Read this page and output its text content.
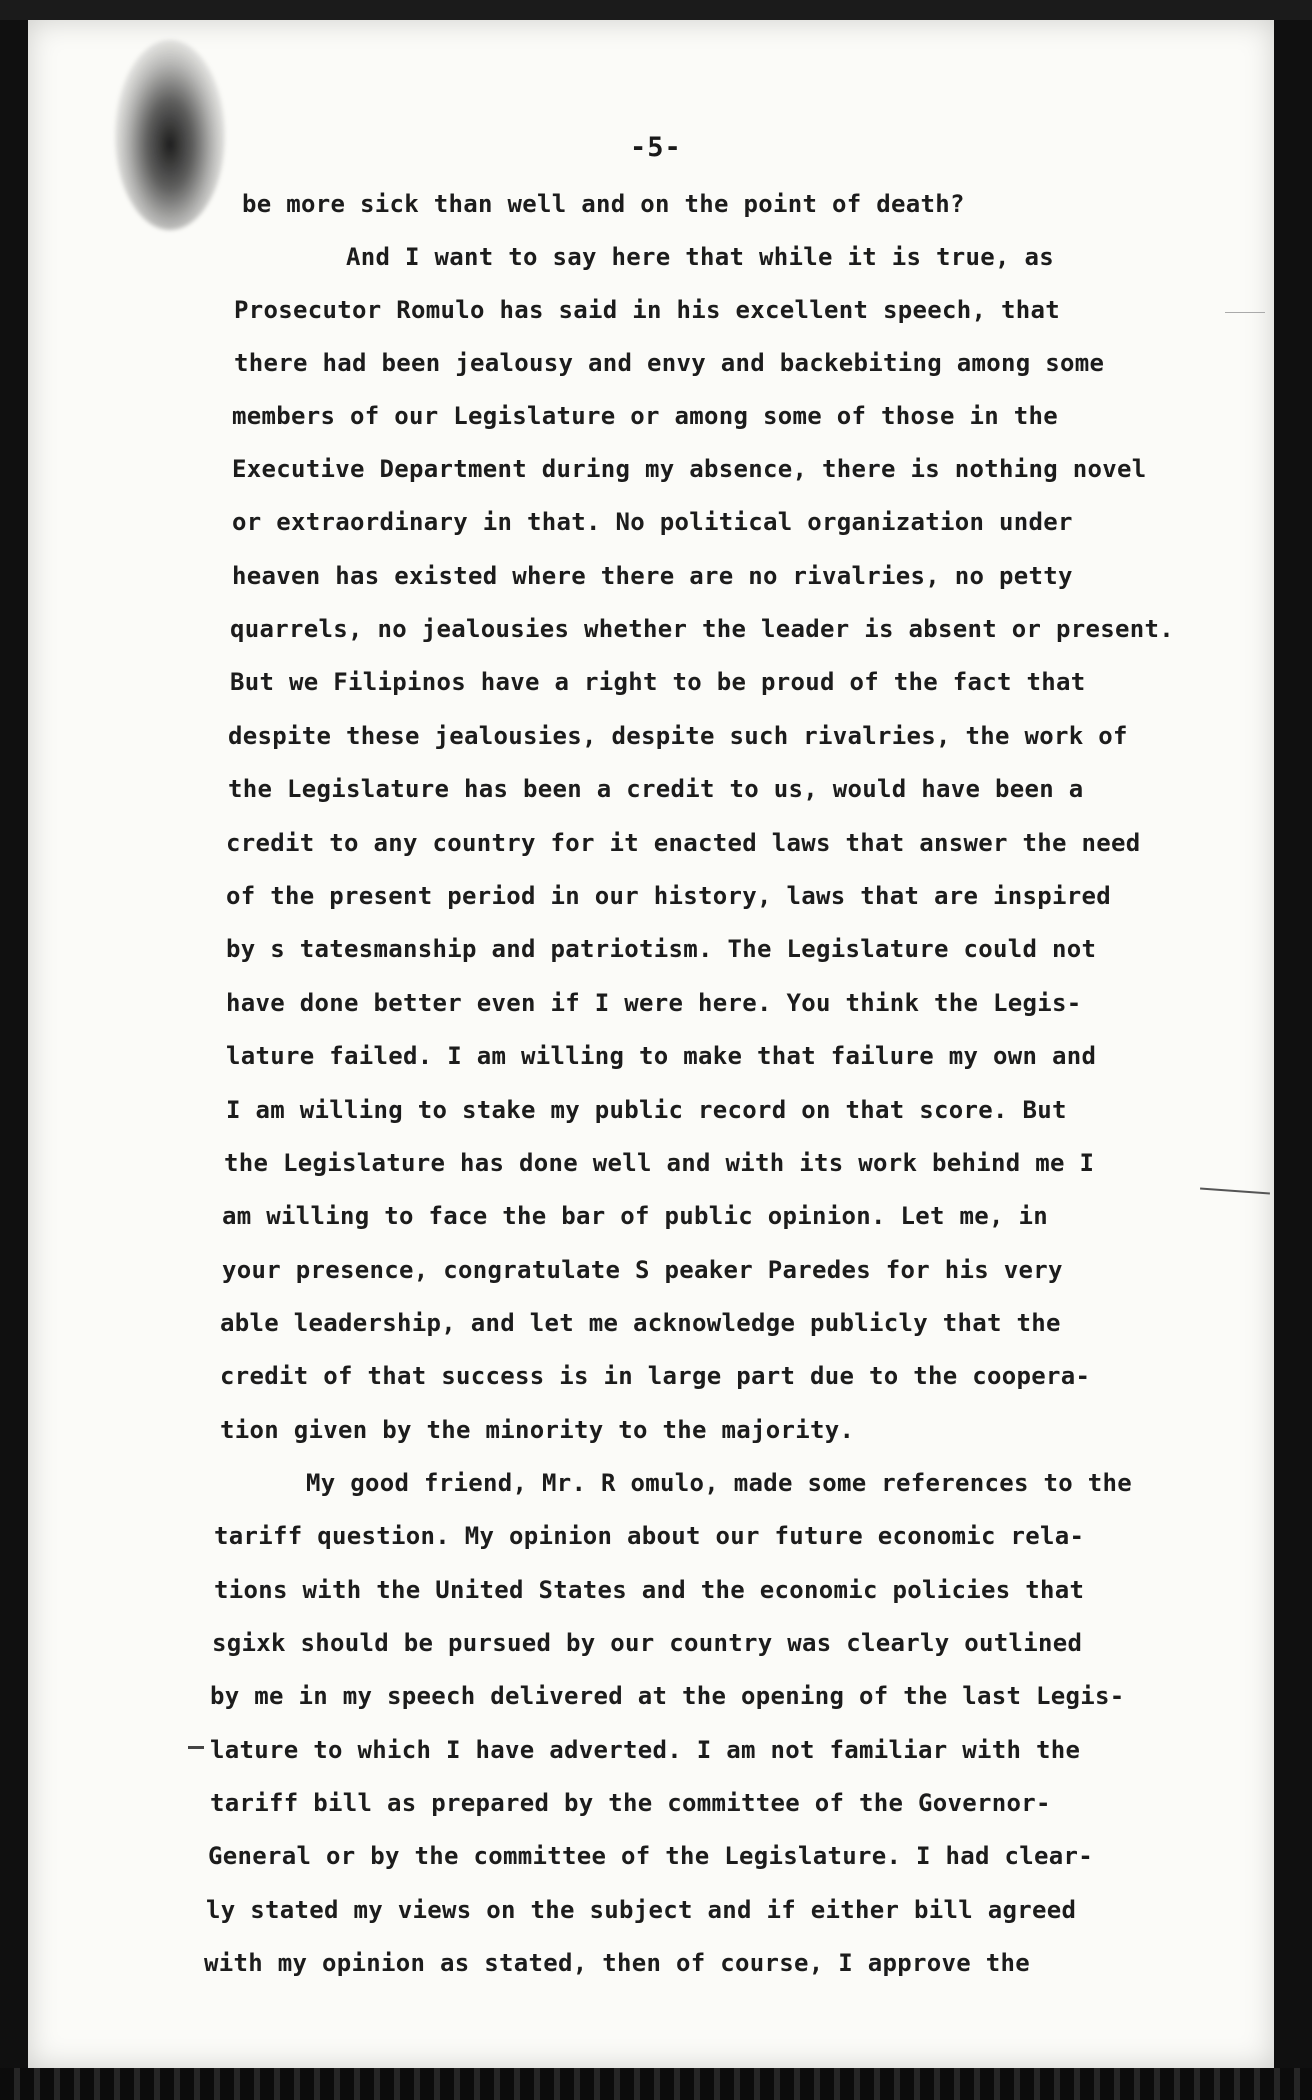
-5-
be more sick than well and on the point of death?
And I want to say here that while it is true, as
Prosecutor Romulo has said in his excellent speech, that
there had been jealousy and envy and backebiting among some
members of our Legislature or among some of those in the
Executive Department during my absence, there is nothing novel
or extraordinary in that. No political organization under
heaven has existed where there are no rivalries, no petty
quarrels, no jealousies whether the leader is absent or present.
But we Filipinos have a right to be proud of the fact that
despite these jealousies, despite such rivalries, the work of
the Legislature has been a credit to us, would have been a
credit to any country for it enacted laws that answer the need
of the present period in our history, laws that are inspired
by s tatesmanship and patriotism. The Legislature could not
have done better even if I were here. You think the Legis-
lature failed. I am willing to make that failure my own and
I am willing to stake my public record on that score. But
the Legislature has done well and with its work behind me I
am willing to face the bar of public opinion. Let me, in
your presence, congratulate S peaker Paredes for his very
able leadership, and let me acknowledge publicly that the
credit of that success is in large part due to the coopera-
tion given by the minority to the majority.
My good friend, Mr. R omulo, made some references to the
tariff question. My opinion about our future economic rela-
tions with the United States and the economic policies that
sgixk should be pursued by our country was clearly outlined
by me in my speech delivered at the opening of the last Legis-
lature to which I have adverted. I am not familiar with the
tariff bill as prepared by the committee of the Governor-
General or by the committee of the Legislature. I had clear-
ly stated my views on the subject and if either bill agreed
with my opinion as stated, then of course, I approve the
